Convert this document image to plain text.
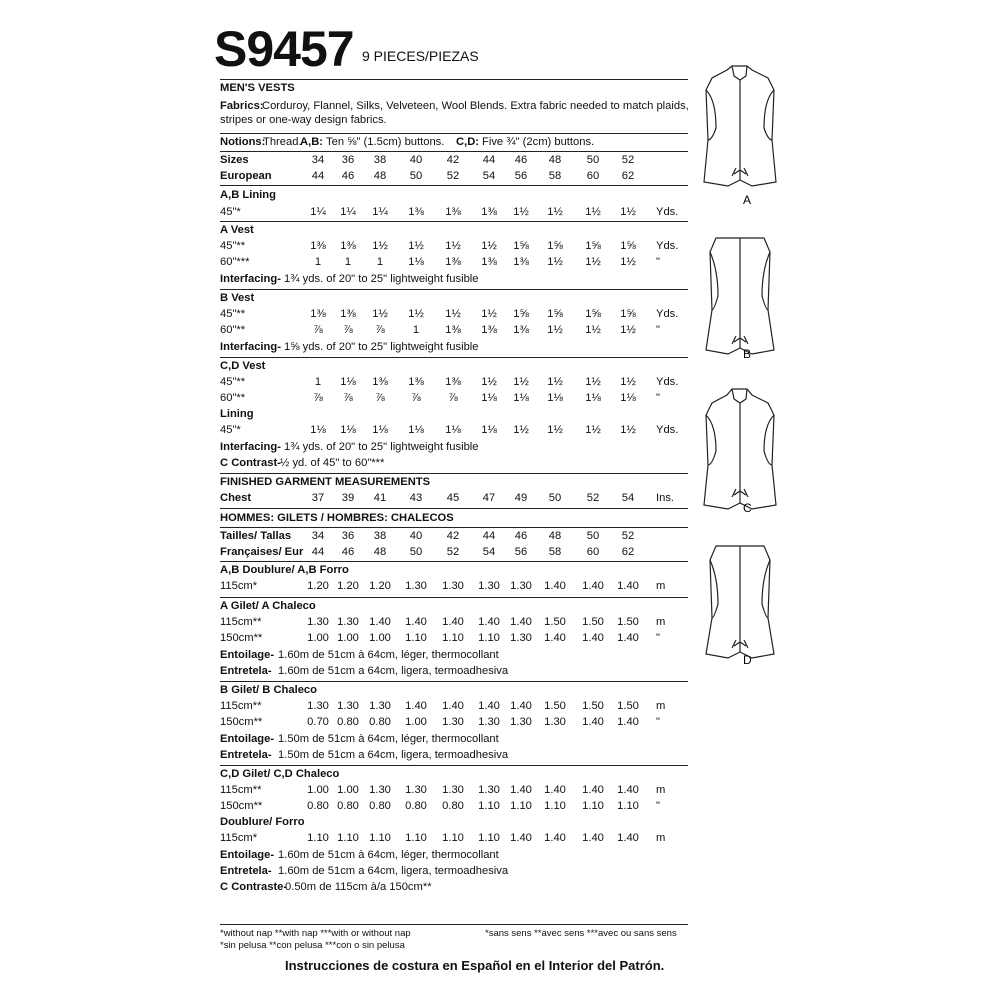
S9457 9 PIECES/PIEZAS
MEN'S VESTS
Fabrics:
Corduroy, Flannel, Silks, Velveteen, Wool Blends. Extra fabric needed to match plaids,
stripes or one-way design fabrics.
Notions:
Thread.
A,B: Ten ⅝" (1.5cm) buttons. C,D: Five ¾" (2cm) buttons.
Sizes	34	36	38	40	42	44	46	48	50	52
European	44	46	48	50	52	54	56	58	60	62
A,B Lining
45"*	1¼	1¼	1¼	1⅜	1⅜	1⅜	1½	1½	1½	1½	Yds.
A Vest
45"**	1⅜	1⅜	1½	1½	1½	1½	1⅝	1⅝	1⅝	1⅝	Yds.
60"***	1	1	1	1⅛	1⅜	1⅜	1⅜	1½	1½	1½	"
Interfacing- 1¾ yds. of 20" to 25" lightweight fusible
B Vest
45"**	1⅜	1⅜	1½	1½	1½	1½	1⅝	1⅝	1⅝	1⅝	Yds.
60"**	⅞	⅞	⅞	1	1⅜	1⅜	1⅜	1½	1½	1½	"
Interfacing- 1⅝ yds. of 20" to 25" lightweight fusible
C,D Vest
45"**	1	1⅛	1⅜	1⅜	1⅜	1½	1½	1½	1½	1½	Yds.
60"**	⅞	⅞	⅞	⅞	⅞	1⅛	1⅛	1⅛	1⅛	1⅛	"
Lining
45"*	1⅛	1⅛	1⅛	1⅛	1⅛	1⅛	1½	1½	1½	1½	Yds.
Interfacing- 1¾ yds. of 20" to 25" lightweight fusible
C Contrast- ½ yd. of 45" to 60"***
FINISHED GARMENT MEASUREMENTS
Chest	37	39	41	43	45	47	49	50	52	54	Ins.
HOMMES: GILETS / HOMBRES: CHALECOS
Tailles/ Tallas	34	36	38	40	42	44	46	48	50	52
Françaises/ Eur 44	46	48	50	52	54	56	58	60	62
A,B Doublure/ A,B Forro
115cm*	1.20 1.20 1.20	1.30	1.30	1.30 1.30	1.40	1.40	1.40	m
A Gilet/ A Chaleco
115cm**	1.30 1.30 1.40	1.40	1.40	1.40 1.40	1.50	1.50	1.50	m
150cm**	1.00 1.00 1.00	1.10	1.10	1.10 1.30	1.40	1.40	1.40	"
Entoilage- 1.60m de 51cm à 64cm, léger, thermocollant
Entretela- 1.60m de 51cm a 64cm, ligera, termoadhesiva
B Gilet/ B Chaleco
115cm**	1.30 1.30 1.30	1.40	1.40	1.40 1.40	1.50	1.50	1.50	m
150cm**	0.70 0.80 0.80	1.00	1.30	1.30 1.30	1.30	1.40	1.40	"
Entoilage- 1.50m de 51cm à 64cm, léger, thermocollant
Entretela- 1.50m de 51cm a 64cm, ligera, termoadhesiva
C,D Gilet/ C,D Chaleco
115cm**	1.00 1.00 1.30	1.30	1.30	1.30 1.40	1.40	1.40	1.40	m
150cm**	0.80 0.80 0.80	0.80	0.80	1.10 1.10	1.10	1.10	1.10	"
Doublure/ Forro
115cm*	1.10 1.10 1.10	1.10	1.10	1.10 1.40	1.40	1.40	1.40	m
Entoilage- 1.60m de 51cm à 64cm, léger, thermocollant
Entretela- 1.60m de 51cm a 64cm, ligera, termoadhesiva
C Contraste-
0.50m de 115cm à/a 150cm**
*without nap **with nap ***with or without nap
*sin pelusa **con pelusa ***con o sin pelusa
*sans sens **avec sens ***avec ou sans sens
Instrucciones de costura en Español en el Interior del Patrón.
A
B
C
D
